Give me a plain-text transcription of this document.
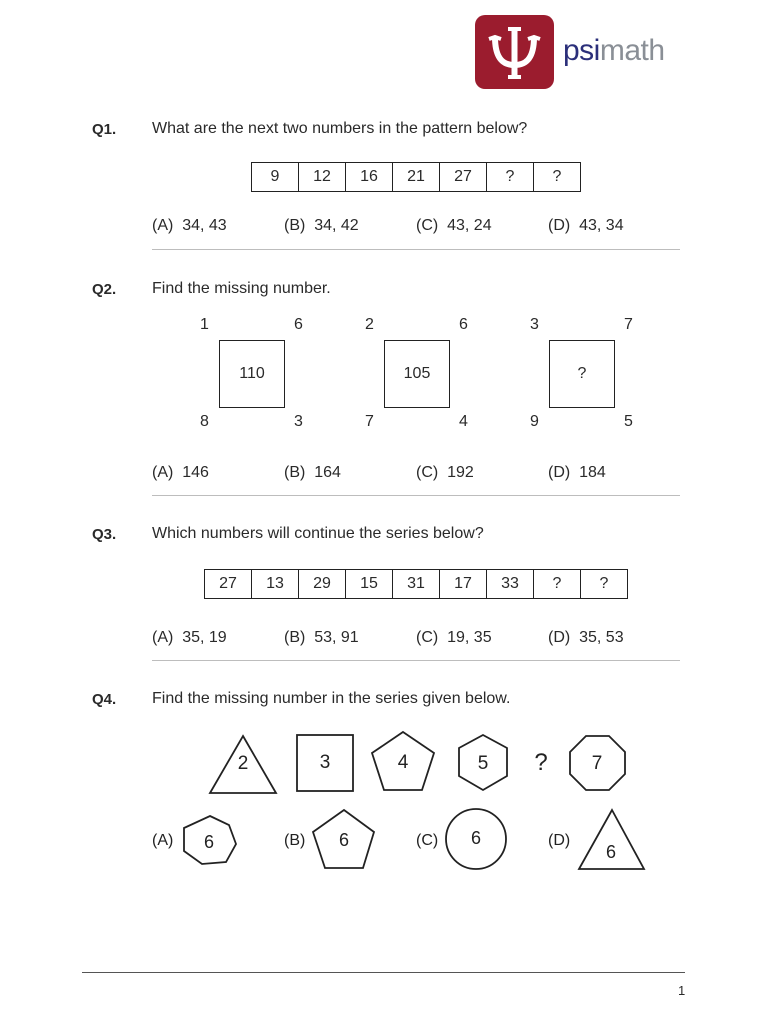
psimath
Q1. What are the next two numbers in the pattern below?
9	12	16	21	27	?	?
(A) 34, 43	(B) 34, 42	(C) 43, 24	(D) 43, 34
Q2. Find the missing number.
1	6
110
8	3
2	6
105
7	4
3	7
?
9	5
(A) 146	(B) 164	(C) 192	(D) 184
Q3. Which numbers will continue the series below?
27	13	29	15	31	17	33	?	?
(A) 35, 19	(B) 53, 91	(C) 19, 35	(D) 35, 53
Q4. Find the missing number in the series given below.
2	3	4	5 ? 7
(A) 6	(B) 6	(C) 6	(D)
6
1
